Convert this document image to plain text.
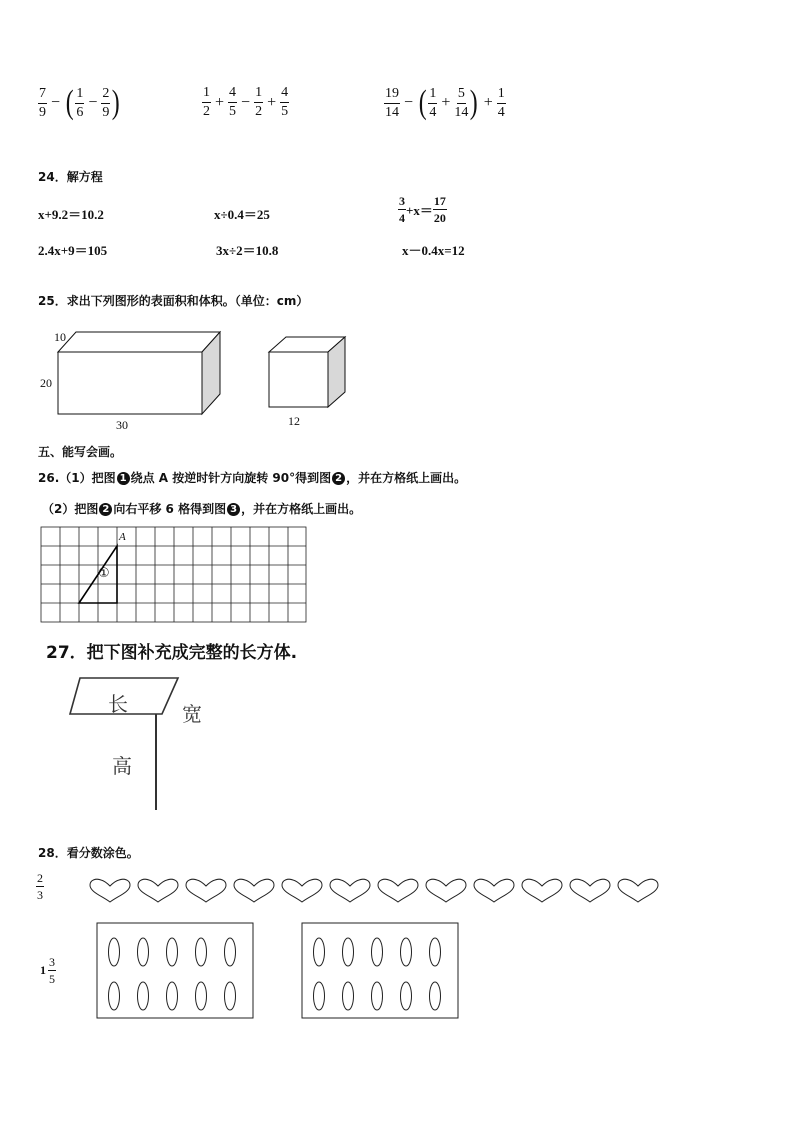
$\frac{7}{9}$ − ( $\frac{1}{6} - \frac{2}{9}$ )	$\frac{1}{2} + \frac{4}{5} - \frac{1}{2} + \frac{4}{5}$	$\frac{19}{14}$ − ( $\frac{1}{4} + \frac{5}{14}$ ) + $\frac{1}{4}$
24．解方程
x+9.2＝10.2	x÷0.4＝25	$\frac{3}{4} +x= \frac{17}{20}$
2.4x+9＝105	3x÷2＝10.8	x－0.4x=12
25．求出下列图形的表面积和体积。（单位：cm）
10
20
30	12
五、能写会画。
26.（1）把图 1 绕点 A 按逆时针方向旋转 90°得到图 2 ，并在方格纸上画出。
（2）把图 2 向右平移 6 格得到图 3 ，并在方格纸上画出。
A
①
27．把下图补充成完整的长方体.
长	宽
高
28．看分数涂色。
$\frac{2}{3}$
$1 \frac{3}{5}$
